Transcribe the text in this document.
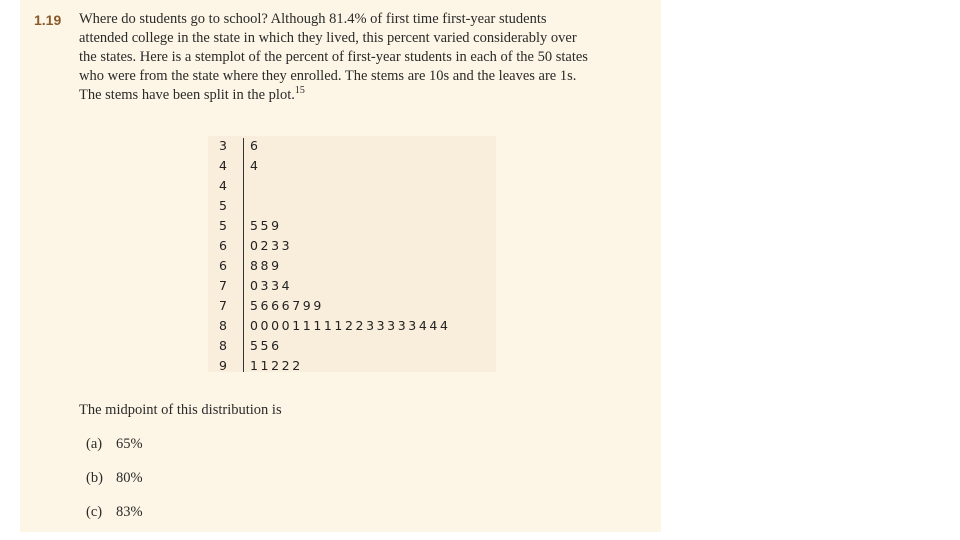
1.19 Where do students go to school? Although 81.4% of first time first-year students
attended college in the state in which they lived, this percent varied considerably over
the states. Here is a stemplot of the percent of first-year students in each of the 50 states
who were from the state where they enrolled. The stems are 10s and the leaves are 1s.
The stems have been split in the plot.$^{15}$
3	6
4	4
4
5
5	559
6	0233
6	889
7	0334
7	5666799
8	0000111112233333444
8	556
9	11222
The midpoint of this distribution is
(a) 65%
(b) 80%
(c) 83%
